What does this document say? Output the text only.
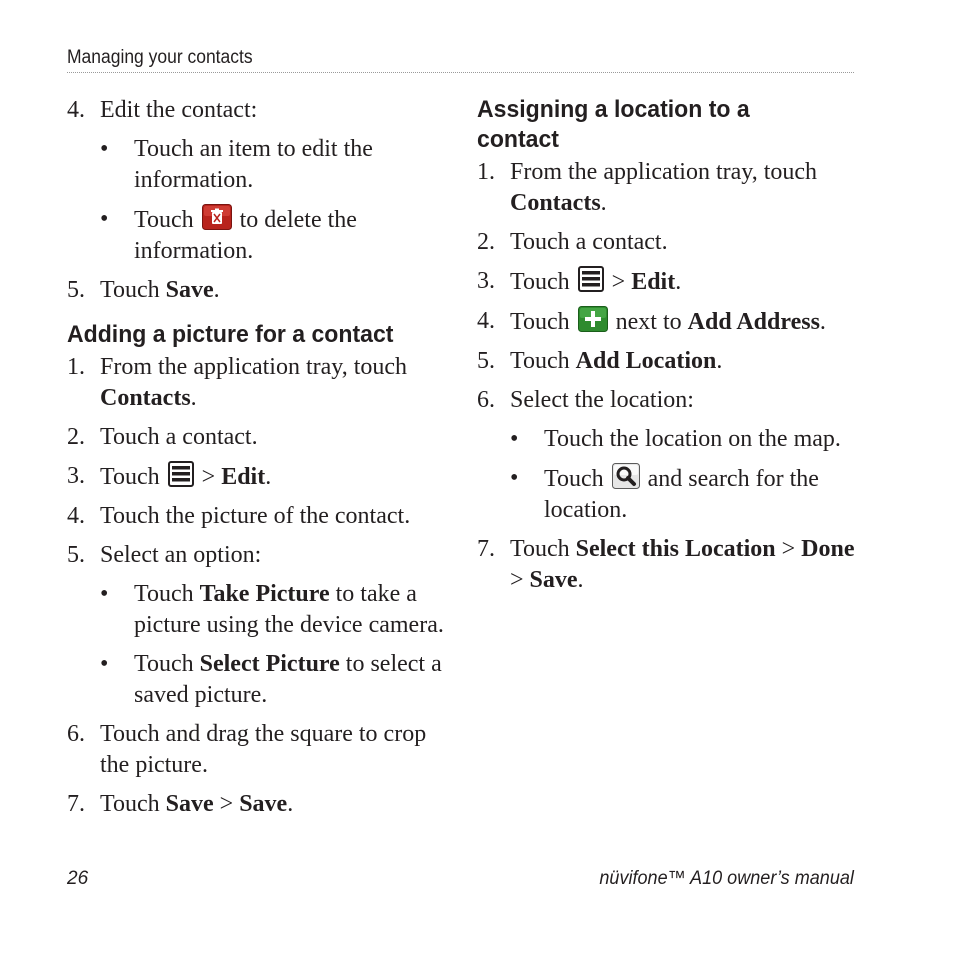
Managing your contacts
4. Edit the contact:
• Touch an item to edit the information.
• Touch to delete the information.
5. Touch Save.
Adding a picture for a contact
1. From the application tray, touch Contacts.
2. Touch a contact.
3. Touch
> Edit.
4. Touch the picture of the contact.
5. Select an option:
• Touch Take Picture to take a picture using the device camera.
• Touch Select Picture to select a saved picture.
6. Touch and drag the square to crop the picture.
7. Touch Save > Save.
Assigning a location to a contact
1. From the application tray, touch Contacts.
2. Touch a contact.
3. Touch
> Edit.
4. Touch
next to Add Address.
5. Touch Add Location.
6. Select the location:
• Touch the location on the map.
• Touch
and search for the location.
7. Touch Select this Location > Done > Save.
26	nüvifone™ A10 owner’s manual
